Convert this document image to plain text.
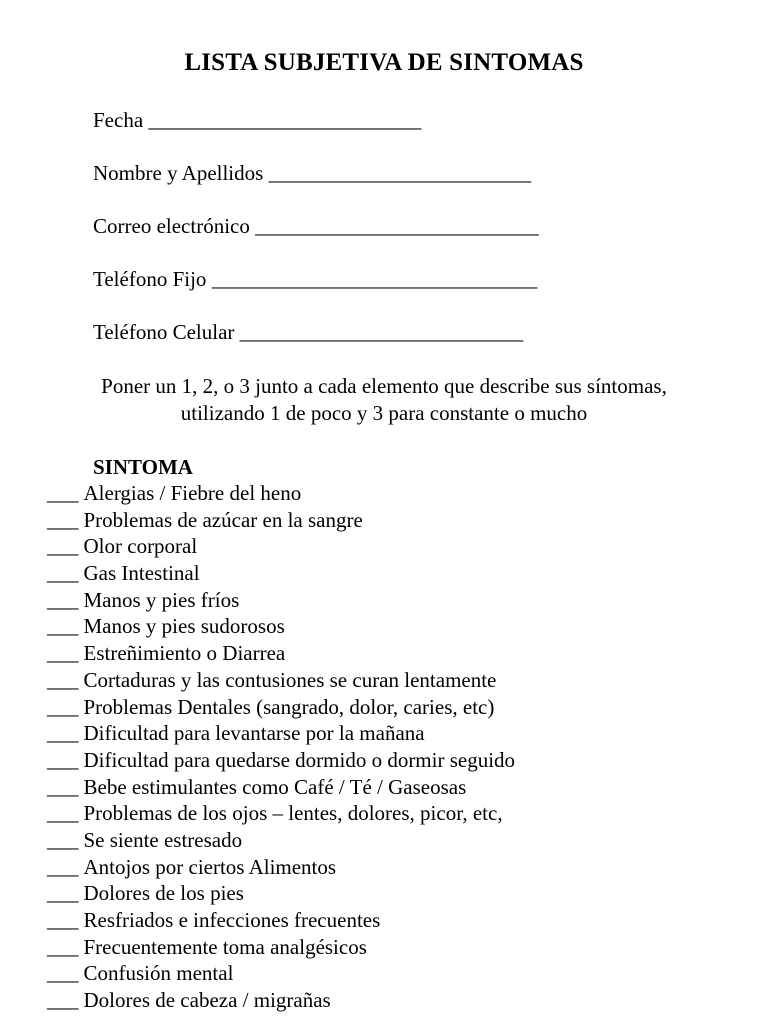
LISTA SUBJETIVA DE SINTOMAS
Fecha __________________________
Nombre y Apellidos _________________________
Correo electrónico ___________________________
Teléfono Fijo _______________________________
Teléfono Celular ___________________________
Poner un 1, 2, o 3 junto a cada elemento que describe sus síntomas,
utilizando 1 de poco y 3 para constante o mucho
SINTOMA
___ Alergias / Fiebre del heno
___ Problemas de azúcar en la sangre
___ Olor corporal
___ Gas Intestinal
___ Manos y pies fríos
___ Manos y pies sudorosos
___ Estreñimiento o Diarrea
___ Cortaduras y las contusiones se curan lentamente
___ Problemas Dentales (sangrado, dolor, caries, etc)
___ Dificultad para levantarse por la mañana
___ Dificultad para quedarse dormido o dormir seguido
___ Bebe estimulantes como Café / Té / Gaseosas
___ Problemas de los ojos – lentes, dolores, picor, etc,
___ Se siente estresado
___ Antojos por ciertos Alimentos
___ Dolores de los pies
___ Resfriados e infecciones frecuentes
___ Frecuentemente toma analgésicos
___ Confusión mental
___ Dolores de cabeza / migrañas
